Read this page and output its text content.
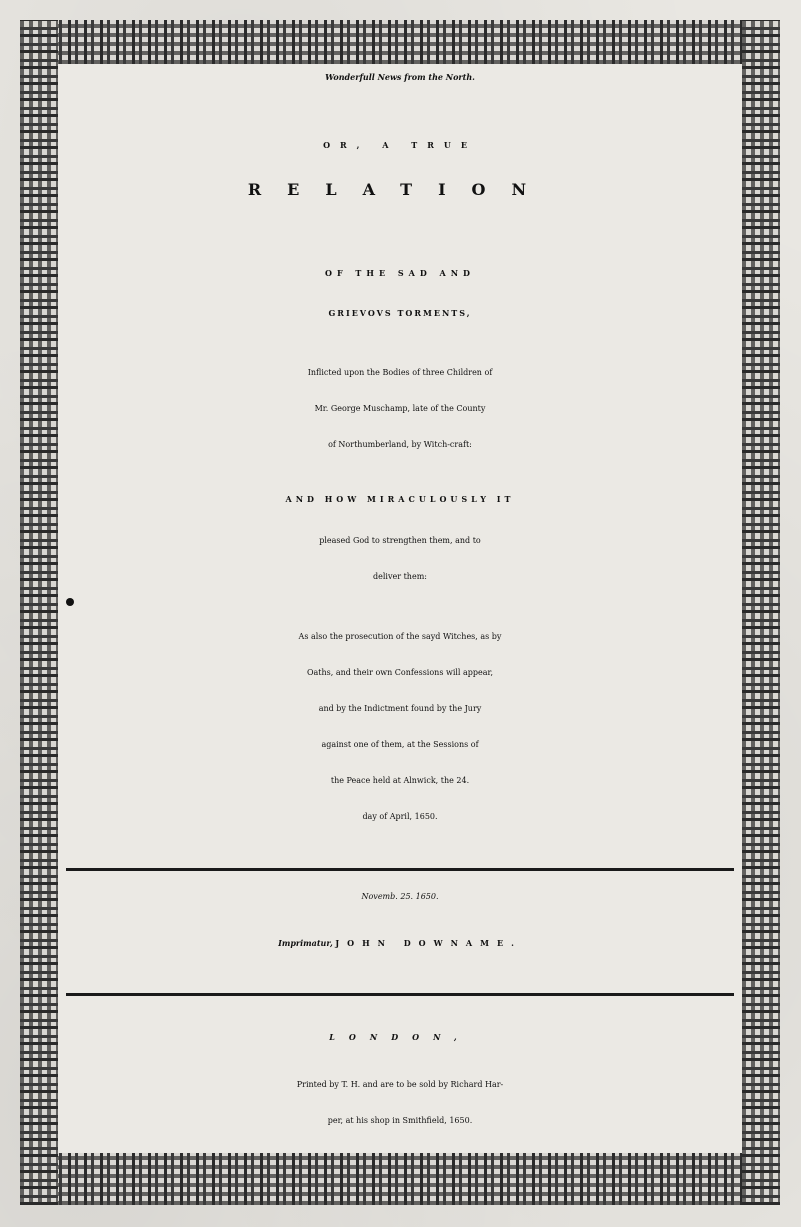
Wonderfull News from the North.
OR, A TRUE
RELATION
OF THE SAD AND
GRIEVOVS TORMENTS,
Inflicted upon the Bodies of three Children of
Mr. George Muschamp, late of the County
of Northumberland, by Witch-craft:
AND HOW MIRACULOUSLY IT
pleased God to strengthen them, and to
deliver them:
As also the prosecution of the sayd Witches, as by
Oaths, and their own Confessions will appear,
and by the Indictment found by the Jury
against one of them, at the Sessions of
the Peace held at Alnwick, the 24.
day of April, 1650.
Novemb. 25. 1650.
Imprimatur, JOHN DOWNAME.
LONDON,
Printed by T. H. and are to be sold by Richard Har-
per, at his shop in Smithfield, 1650.
